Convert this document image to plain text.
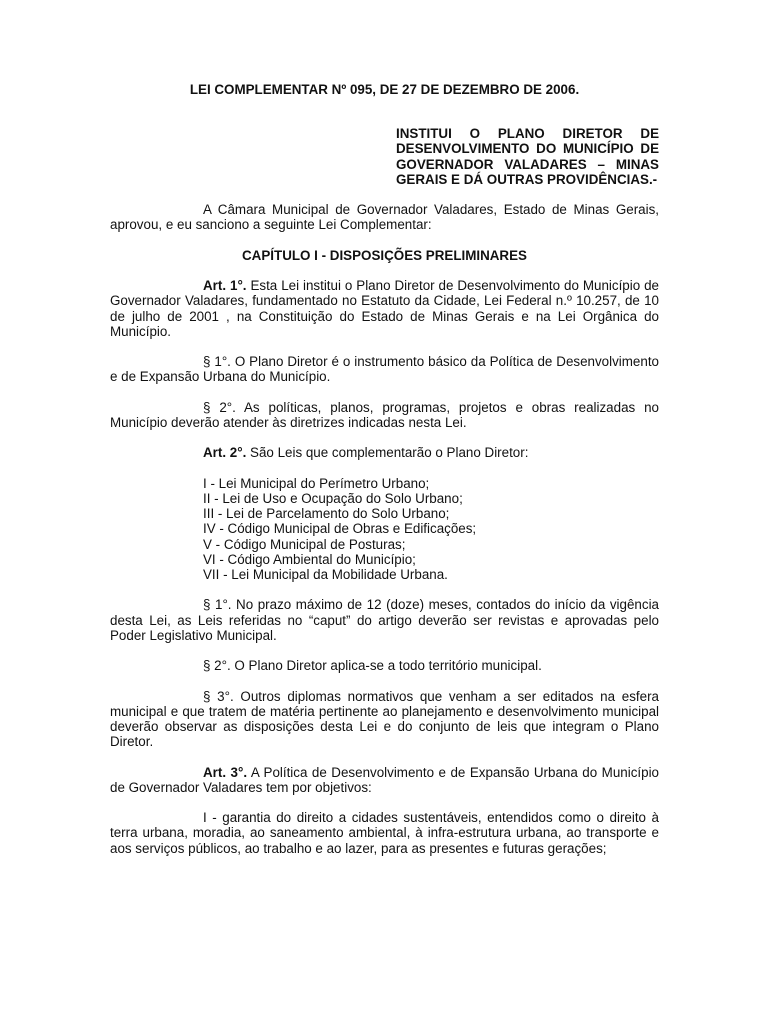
LEI COMPLEMENTAR Nº 095, DE 27 DE DEZEMBRO DE 2006.

INSTITUI O PLANO DIRETOR DE DESENVOLVIMENTO DO MUNICÍPIO DE GOVERNADOR VALADARES – MINAS GERAIS E DÁ OUTRAS PROVIDÊNCIAS.-

A Câmara Municipal de Governador Valadares, Estado de Minas Gerais, aprovou, e eu sanciono a seguinte Lei Complementar:

CAPÍTULO I - DISPOSIÇÕES PRELIMINARES

Art. 1°. Esta Lei institui o Plano Diretor de Desenvolvimento do Município de Governador Valadares, fundamentado no Estatuto da Cidade, Lei Federal n.º 10.257, de 10 de julho de 2001 , na Constituição do Estado de Minas Gerais e na Lei Orgânica do Município.

§ 1°. O Plano Diretor é o instrumento básico da Política de Desenvolvimento e de Expansão Urbana do Município.

§ 2°. As políticas, planos, programas, projetos e obras realizadas no Município deverão atender às diretrizes indicadas nesta Lei.

Art. 2°. São Leis que complementarão o Plano Diretor:

I - Lei Municipal do Perímetro Urbano;
II - Lei de Uso e Ocupação do Solo Urbano;
III - Lei de Parcelamento do Solo Urbano;
IV - Código Municipal de Obras e Edificações;
V - Código Municipal de Posturas;
VI - Código Ambiental do Município;
VII - Lei Municipal da Mobilidade Urbana.

§ 1°. No prazo máximo de 12 (doze) meses, contados do início da vigência desta Lei, as Leis referidas no “caput” do artigo deverão ser revistas e aprovadas pelo Poder Legislativo Municipal.

§ 2°. O Plano Diretor aplica-se a todo território municipal.

§ 3°. Outros diplomas normativos que venham a ser editados na esfera municipal e que tratem de matéria pertinente ao planejamento e desenvolvimento municipal deverão observar as disposições desta Lei e do conjunto de leis que integram o Plano Diretor.

Art. 3°. A Política de Desenvolvimento e de Expansão Urbana do Município de Governador Valadares tem por objetivos:

I - garantia do direito a cidades sustentáveis, entendidos como o direito à terra urbana, moradia, ao saneamento ambiental, à infra-estrutura urbana, ao transporte e aos serviços públicos, ao trabalho e ao lazer, para as presentes e futuras gerações;
